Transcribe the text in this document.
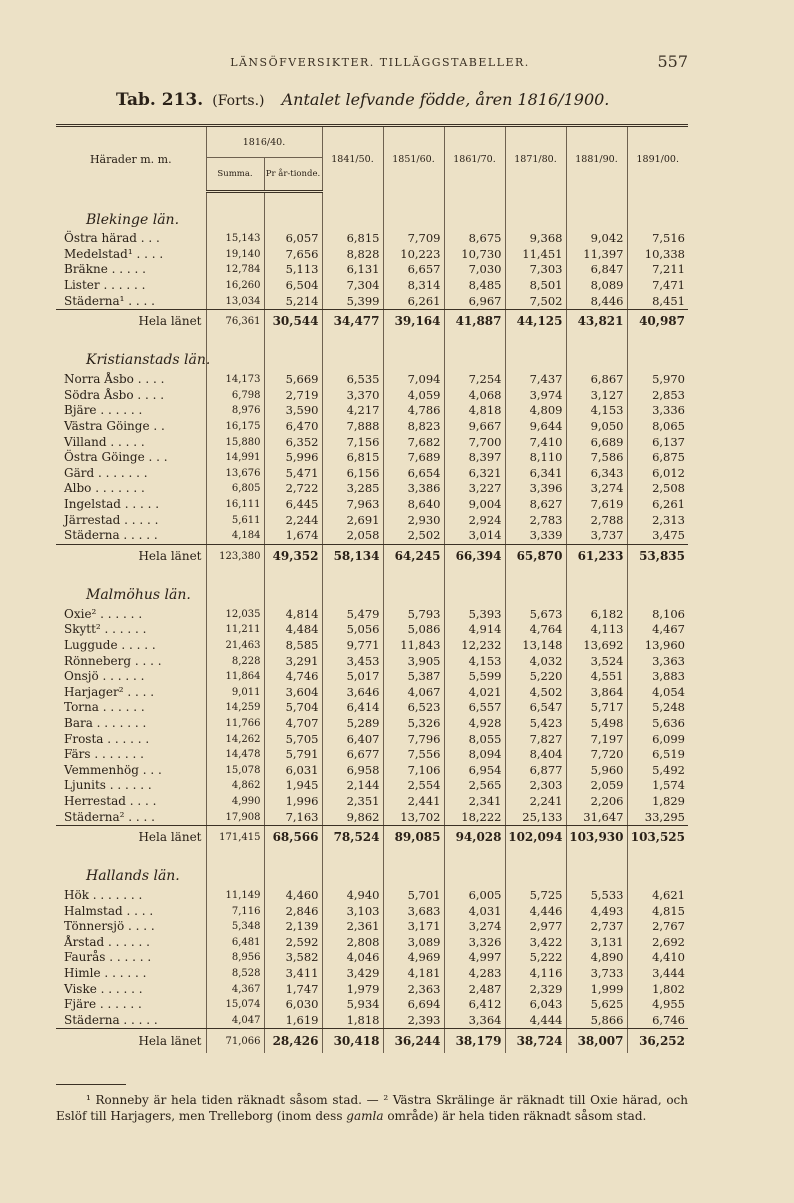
LÄNSÖFVERSIKTER. TILLÄGGSTABELLER.	557
Tab. 213. (Forts.) Antalet lefvande födde, åren 1816/1900.
Härader m. m.	1816/40.		1841/50.	1851/60.	1861/70.	1871/80.	1881/90.	1891/00.
	Summa.	Pr år-tionde.						

Blekinge län.								
Östra härad . . .	15,143	6,057	6,815	7,709	8,675	9,368	9,042	7,516
Medelstad¹ . . . .	19,140	7,656	8,828	10,223	10,730	11,451	11,397	10,338
Bräkne . . . . .	12,784	5,113	6,131	6,657	7,030	7,303	6,847	7,211
Lister . . . . . .	16,260	6,504	7,304	8,314	8,485	8,501	8,089	7,471
Städerna¹ . . . .	13,034	5,214	5,399	6,261	6,967	7,502	8,446	8,451
Hela länet	76,361	30,544	34,477	39,164	41,887	44,125	43,821	40,987

Kristianstads län.								
Norra Åsbo . . . .	14,173	5,669	6,535	7,094	7,254	7,437	6,867	5,970
Södra Åsbo . . . .	6,798	2,719	3,370	4,059	4,068	3,974	3,127	2,853
Bjäre . . . . . .	8,976	3,590	4,217	4,786	4,818	4,809	4,153	3,336
Västra Göinge . .	16,175	6,470	7,888	8,823	9,667	9,644	9,050	8,065
Villand . . . . .	15,880	6,352	7,156	7,682	7,700	7,410	6,689	6,137
Östra Göinge . . .	14,991	5,996	6,815	7,689	8,397	8,110	7,586	6,875
Gärd . . . . . . .	13,676	5,471	6,156	6,654	6,321	6,341	6,343	6,012
Albo . . . . . . .	6,805	2,722	3,285	3,386	3,227	3,396	3,274	2,508
Ingelstad . . . . .	16,111	6,445	7,963	8,640	9,004	8,627	7,619	6,261
Järrestad . . . . .	5,611	2,244	2,691	2,930	2,924	2,783	2,788	2,313
Städerna . . . . .	4,184	1,674	2,058	2,502	3,014	3,339	3,737	3,475
Hela länet	123,380	49,352	58,134	64,245	66,394	65,870	61,233	53,835

Malmöhus län.								
Oxie² . . . . . .	12,035	4,814	5,479	5,793	5,393	5,673	6,182	8,106
Skytt² . . . . . .	11,211	4,484	5,056	5,086	4,914	4,764	4,113	4,467
Luggude . . . . .	21,463	8,585	9,771	11,843	12,232	13,148	13,692	13,960
Rönneberg . . . .	8,228	3,291	3,453	3,905	4,153	4,032	3,524	3,363
Onsjö . . . . . .	11,864	4,746	5,017	5,387	5,599	5,220	4,551	3,883
Harjager² . . . .	9,011	3,604	3,646	4,067	4,021	4,502	3,864	4,054
Torna . . . . . .	14,259	5,704	6,414	6,523	6,557	6,547	5,717	5,248
Bara . . . . . . .	11,766	4,707	5,289	5,326	4,928	5,423	5,498	5,636
Frosta . . . . . .	14,262	5,705	6,407	7,796	8,055	7,827	7,197	6,099
Färs . . . . . . .	14,478	5,791	6,677	7,556	8,094	8,404	7,720	6,519
Vemmenhög . . .	15,078	6,031	6,958	7,106	6,954	6,877	5,960	5,492
Ljunits . . . . . .	4,862	1,945	2,144	2,554	2,565	2,303	2,059	1,574
Herrestad . . . .	4,990	1,996	2,351	2,441	2,341	2,241	2,206	1,829
Städerna² . . . .	17,908	7,163	9,862	13,702	18,222	25,133	31,647	33,295
Hela länet	171,415	68,566	78,524	89,085	94,028	102,094	103,930	103,525

Hallands län.								
Hök . . . . . . .	11,149	4,460	4,940	5,701	6,005	5,725	5,533	4,621
Halmstad . . . .	7,116	2,846	3,103	3,683	4,031	4,446	4,493	4,815
Tönnersjö . . . .	5,348	2,139	2,361	3,171	3,274	2,977	2,737	2,767
Årstad . . . . . .	6,481	2,592	2,808	3,089	3,326	3,422	3,131	2,692
Faurås . . . . . .	8,956	3,582	4,046	4,969	4,997	5,222	4,890	4,410
Himle . . . . . .	8,528	3,411	3,429	4,181	4,283	4,116	3,733	3,444
Viske . . . . . .	4,367	1,747	1,979	2,363	2,487	2,329	1,999	1,802
Fjäre . . . . . .	15,074	6,030	5,934	6,694	6,412	6,043	5,625	4,955
Städerna . . . . .	4,047	1,619	1,818	2,393	3,364	4,444	5,866	6,746
Hela länet	71,066	28,426	30,418	36,244	38,179	38,724	38,007	36,252

¹ Ronneby är hela tiden räknadt såsom stad. — ² Västra Skrälinge är räknadt till Oxie härad, och Eslöf till Harjagers, men Trelleborg (inom dess gamla område) är hela tiden räknadt såsom stad.
